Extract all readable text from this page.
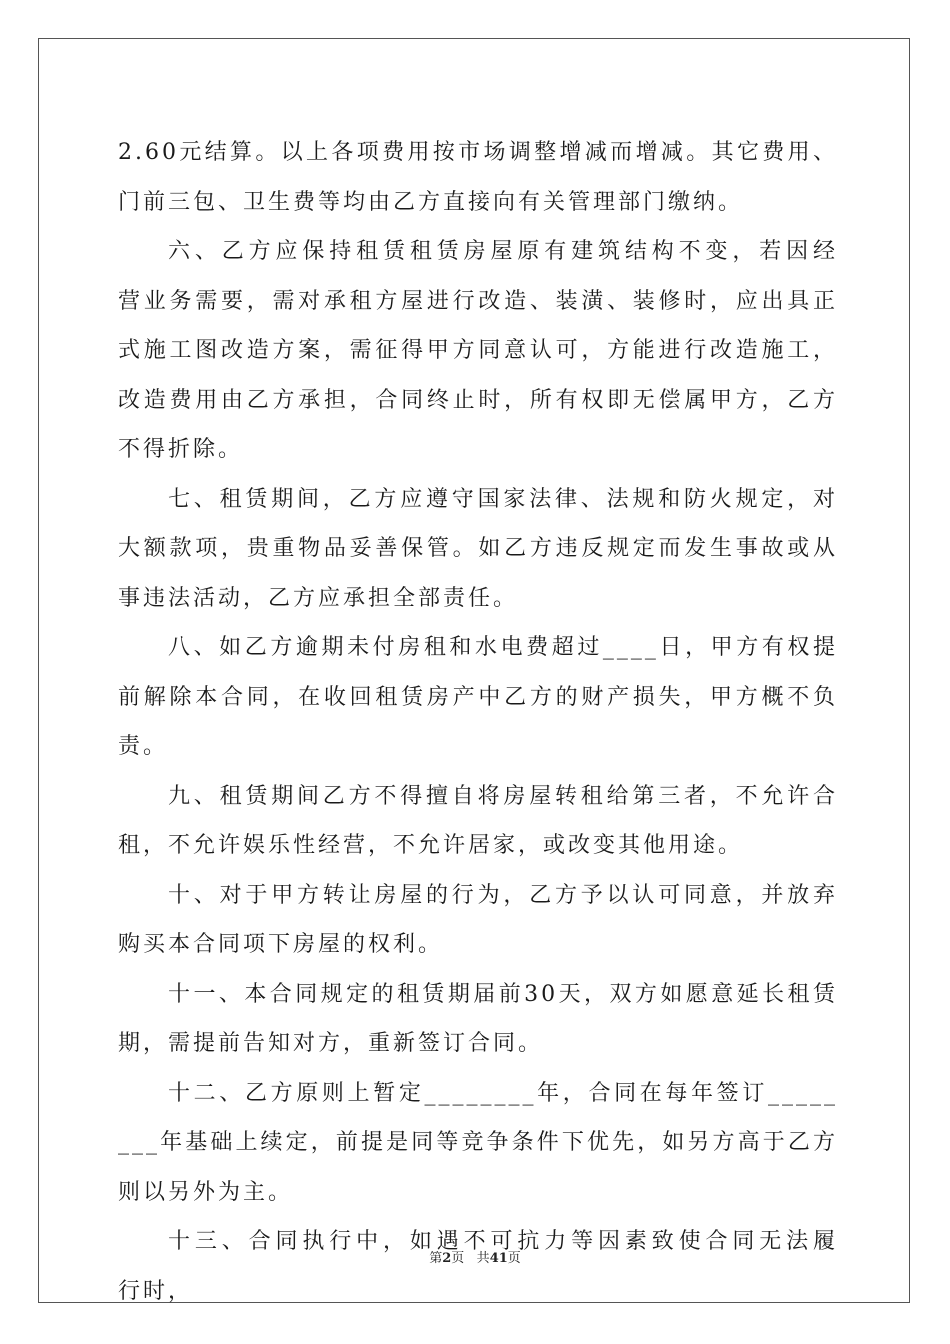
2.60元结算。以上各项费用按市场调整增减而增减。其它费用、门前三包、卫生费等均由乙方直接向有关管理部门缴纳。

六、乙方应保持租赁租赁房屋原有建筑结构不变，若因经　营业务需要，需对承租方屋进行改造、装潢、装修时，应出具正式施工图改造方案，需征得甲方同意认可，方能进行改造施工，改造费用由乙方承担，合同终止时，所有权即无偿属甲方，乙方不得折除。

七、租赁期间，乙方应遵守国家法律、法规和防火规定，对大额款项，贵重物品妥善保管。如乙方违反规定而发生事故或从事违法活动，乙方应承担全部责任。

八、如乙方逾期未付房租和水电费超过____日，甲方有权提前解除本合同，在收回租赁房产中乙方的财产损失，甲方概不负责。

九、租赁期间乙方不得擅自将房屋转租给第三者，不允许合租，不允许娱乐性经营，不允许居家，或改变其他用途。

十、对于甲方转让房屋的行为，乙方予以认可同意，并放弃购买本合同项下房屋的权利。

十一、本合同规定的租赁期届前30天，双方如愿意延长租赁期，需提前告知对方，重新签订合同。

十二、乙方原则上暂定________年，合同在每年签订________年基础上续定，前提是同等竞争条件下优先，如另方高于乙方则以另外为主。

十三、合同执行中，如遇不可抗力等因素致使合同无法履　行时，

第2页 共41页
